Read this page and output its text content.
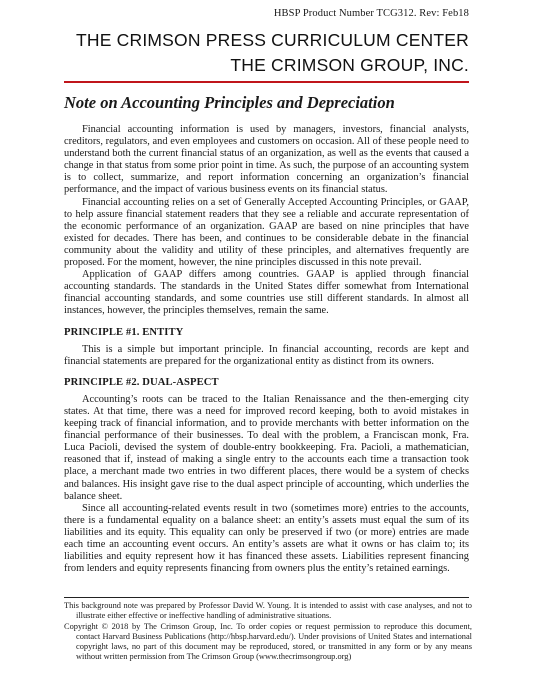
HBSP Product Number TCG312. Rev: Feb18
THE CRIMSON PRESS CURRICULUM CENTER
THE CRIMSON GROUP, INC.
Note on Accounting Principles and Depreciation

Financial accounting information is used by managers, investors, financial analysts, creditors, regulators, and even employees and customers on occasion. All of these people need to understand both the current financial status of an organization, as well as the events that caused a change in that status from some prior point in time. As such, the purpose of an accounting system is to collect, summarize, and report information concerning an organization’s financial performance, and the impact of various business events on its financial status.

Financial accounting relies on a set of Generally Accepted Accounting Principles, or GAAP, to help assure financial statement readers that they see a reliable and accurate representation of the economic performance of an organization. GAAP are based on nine principles that have existed for decades. There has been, and continues to be considerable debate in the financial community about the validity and utility of these principles, and alternatives frequently are proposed. For the moment, however, the nine principles discussed in this note prevail.

Application of GAAP differs among countries. GAAP is applied through financial accounting standards. The standards in the United States differ somewhat from International financial accounting standards, and some countries use still different standards. In almost all instances, however, the principles themselves, remain the same.

PRINCIPLE #1. ENTITY

This is a simple but important principle. In financial accounting, records are kept and financial statements are prepared for the organizational entity as distinct from its owners.

PRINCIPLE #2. DUAL-ASPECT

Accounting’s roots can be traced to the Italian Renaissance and the then-emerging city states. At that time, there was a need for improved record keeping, both to avoid mistakes in keeping track of financial information, and to provide merchants with better information on the financial performance of their businesses. To deal with the problem, a Franciscan monk, Fra. Luca Pacioli, devised the system of double-entry bookkeeping. Fra. Pacioli, a mathematician, reasoned that if, instead of making a single entry to the accounts each time a transaction took place, a merchant made two entries in two different places, there would be a system of checks and balances. His insight gave rise to the dual aspect principle of accounting, which underlies the balance sheet.

Since all accounting-related events result in two (sometimes more) entries to the accounts, there is a fundamental equality on a balance sheet: an entity’s assets must equal the sum of its liabilities and its equity. This equality can only be preserved if two (or more) entries are made each time an accounting event occurs. An entity’s assets are what it owns or has claim to; its liabilities and equity represent how it has financed these assets. Liabilities represent financing from lenders and equity represents financing from owners plus the entity’s retained earnings.

This background note was prepared by Professor David W. Young. It is intended to assist with case analyses, and not to illustrate either effective or ineffective handling of administrative situations.

Copyright © 2018 by The Crimson Group, Inc. To order copies or request permission to reproduce this document, contact Harvard Business Publications (http://hbsp.harvard.edu/). Under provisions of United States and international copyright laws, no part of this document may be reproduced, stored, or transmitted in any form or by any means without written permission from The Crimson Group (www.thecrimsongroup.org)
